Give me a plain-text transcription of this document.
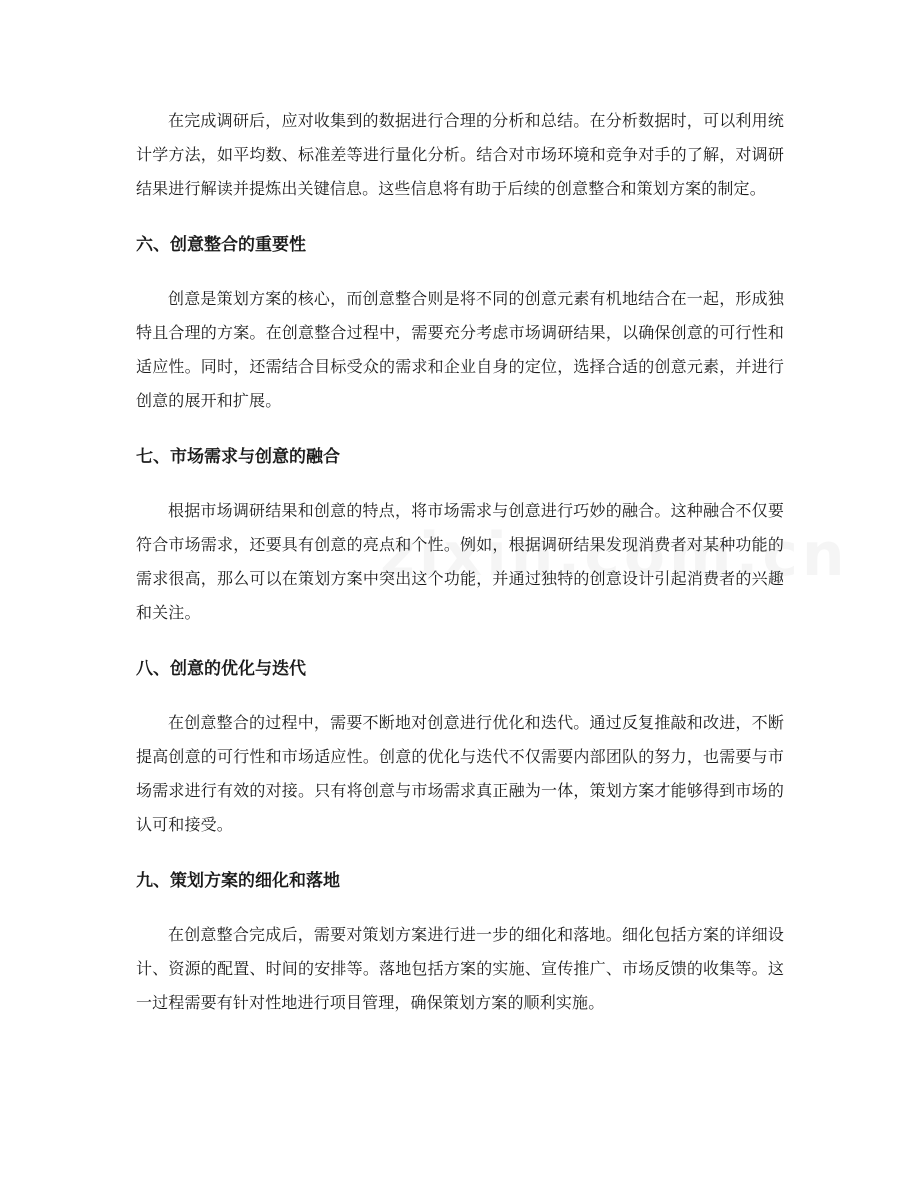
在完成调研后，应对收集到的数据进行合理的分析和总结。在分析数据时，可以利用统计学方法，如平均数、标准差等进行量化分析。结合对市场环境和竞争对手的了解，对调研结果进行解读并提炼出关键信息。这些信息将有助于后续的创意整合和策划方案的制定。

六、创意整合的重要性

创意是策划方案的核心，而创意整合则是将不同的创意元素有机地结合在一起，形成独特且合理的方案。在创意整合过程中，需要充分考虑市场调研结果，以确保创意的可行性和适应性。同时，还需结合目标受众的需求和企业自身的定位，选择合适的创意元素，并进行创意的展开和扩展。

七、市场需求与创意的融合

根据市场调研结果和创意的特点，将市场需求与创意进行巧妙的融合。这种融合不仅要符合市场需求，还要具有创意的亮点和个性。例如，根据调研结果发现消费者对某种功能的需求很高，那么可以在策划方案中突出这个功能，并通过独特的创意设计引起消费者的兴趣和关注。

八、创意的优化与迭代

在创意整合的过程中，需要不断地对创意进行优化和迭代。通过反复推敲和改进，不断提高创意的可行性和市场适应性。创意的优化与迭代不仅需要内部团队的努力，也需要与市场需求进行有效的对接。只有将创意与市场需求真正融为一体，策划方案才能够得到市场的认可和接受。

九、策划方案的细化和落地

在创意整合完成后，需要对策划方案进行进一步的细化和落地。细化包括方案的详细设计、资源的配置、时间的安排等。落地包括方案的实施、宣传推广、市场反馈的收集等。这一过程需要有针对性地进行项目管理，确保策划方案的顺利实施。
